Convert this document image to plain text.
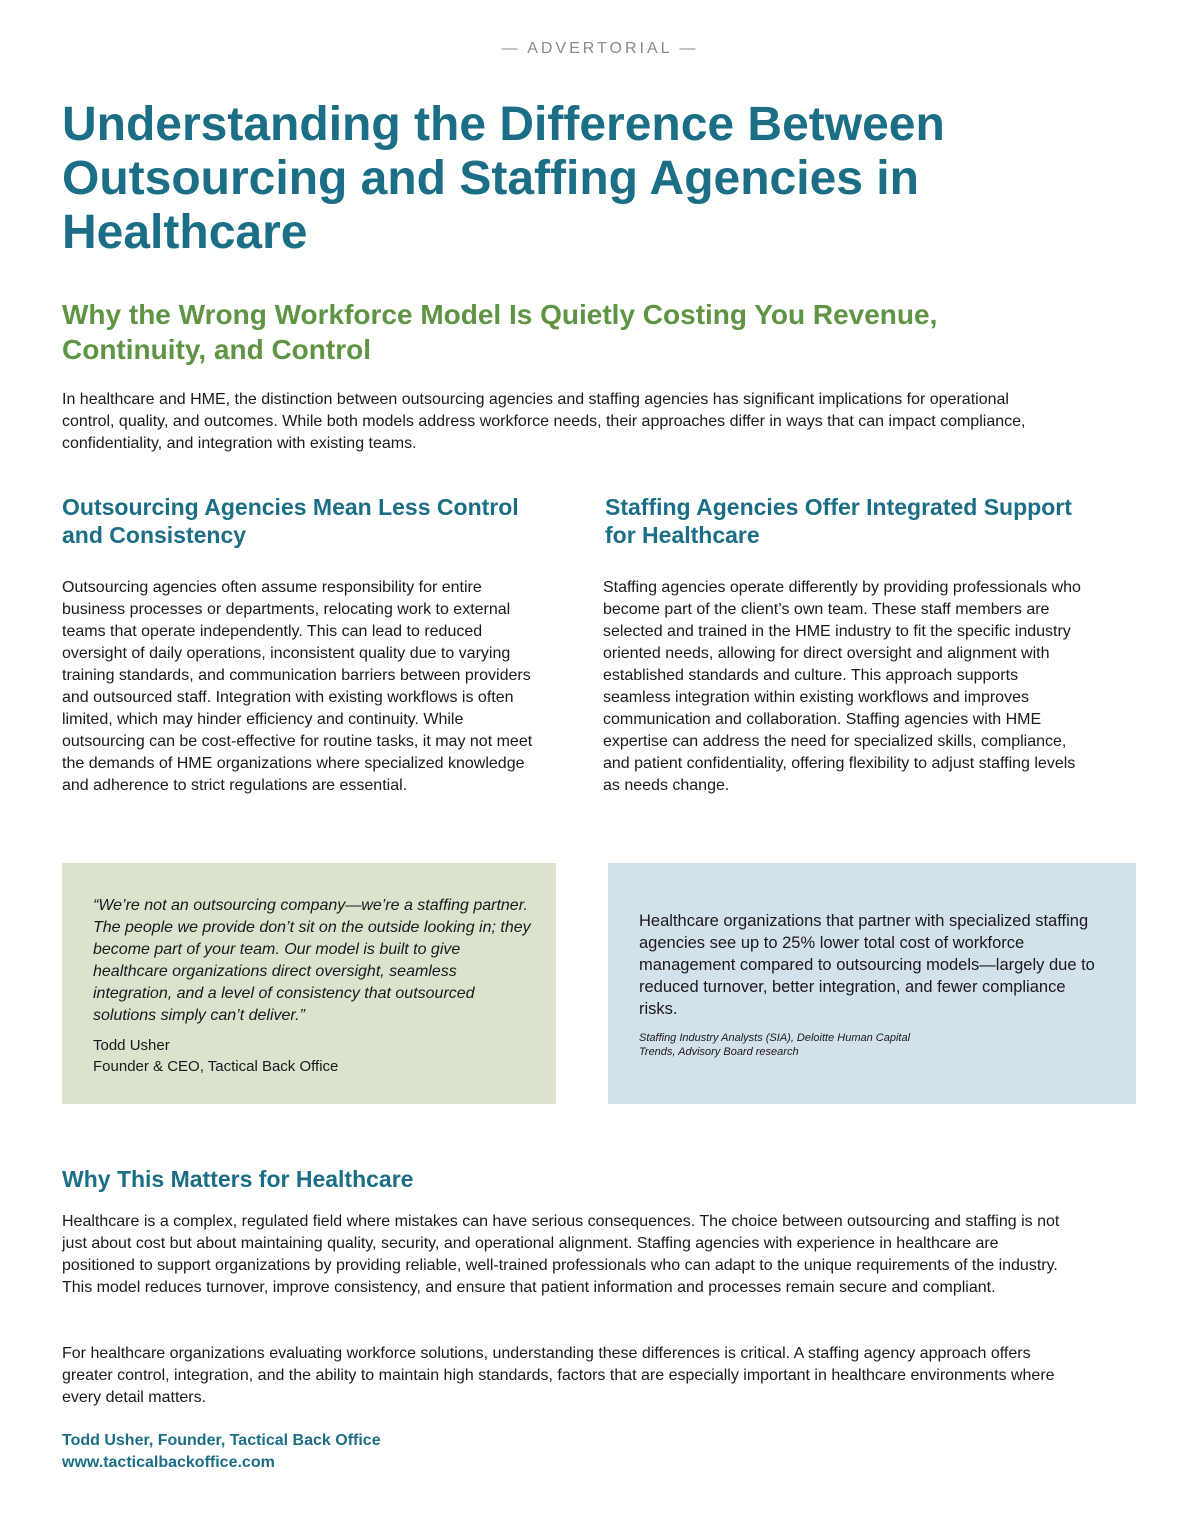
— ADVERTORIAL —
Understanding the Difference Between Outsourcing and Staffing Agencies in Healthcare
Why the Wrong Workforce Model Is Quietly Costing You Revenue, Continuity, and Control

In healthcare and HME, the distinction between outsourcing agencies and staffing agencies has significant implications for operational control, quality, and outcomes. While both models address workforce needs, their approaches differ in ways that can impact compliance, confidentiality, and integration with existing teams.

Outsourcing Agencies Mean Less Control and Consistency

Outsourcing agencies often assume responsibility for entire business processes or departments, relocating work to external teams that operate independently. This can lead to reduced oversight of daily operations, inconsistent quality due to varying training standards, and communication barriers between providers and outsourced staff. Integration with existing workflows is often limited, which may hinder efficiency and continuity. While outsourcing can be cost-effective for routine tasks, it may not meet the demands of HME organizations where specialized knowledge and adherence to strict regulations are essential.

Staffing Agencies Offer Integrated Support for Healthcare

Staffing agencies operate differently by providing professionals who become part of the client’s own team. These staff members are selected and trained in the HME industry to fit the specific industry oriented needs, allowing for direct oversight and alignment with established standards and culture. This approach supports seamless integration within existing workflows and improves communication and collaboration. Staffing agencies with HME expertise can address the need for specialized skills, compliance, and patient confidentiality, offering flexibility to adjust staffing levels as needs change.

“We’re not an outsourcing company—we’re a staffing partner. The people we provide don’t sit on the outside looking in; they become part of your team. Our model is built to give healthcare organizations direct oversight, seamless integration, and a level of consistency that outsourced solutions simply can’t deliver.”

Todd Usher
Founder & CEO, Tactical Back Office

Healthcare organizations that partner with specialized staffing agencies see up to 25% lower total cost of workforce management compared to outsourcing models—largely due to reduced turnover, better integration, and fewer compliance risks.

Staffing Industry Analysts (SIA), Deloitte Human Capital Trends, Advisory Board research
Why This Matters for Healthcare

Healthcare is a complex, regulated field where mistakes can have serious consequences. The choice between outsourcing and staffing is not just about cost but about maintaining quality, security, and operational alignment. Staffing agencies with experience in healthcare are positioned to support organizations by providing reliable, well-trained professionals who can adapt to the unique requirements of the industry. This model reduces turnover, improve consistency, and ensure that patient information and processes remain secure and compliant.

For healthcare organizations evaluating workforce solutions, understanding these differences is critical. A staffing agency approach offers greater control, integration, and the ability to maintain high standards, factors that are especially important in healthcare environments where every detail matters.

Todd Usher, Founder, Tactical Back Office
www.tacticalbackoffice.com
